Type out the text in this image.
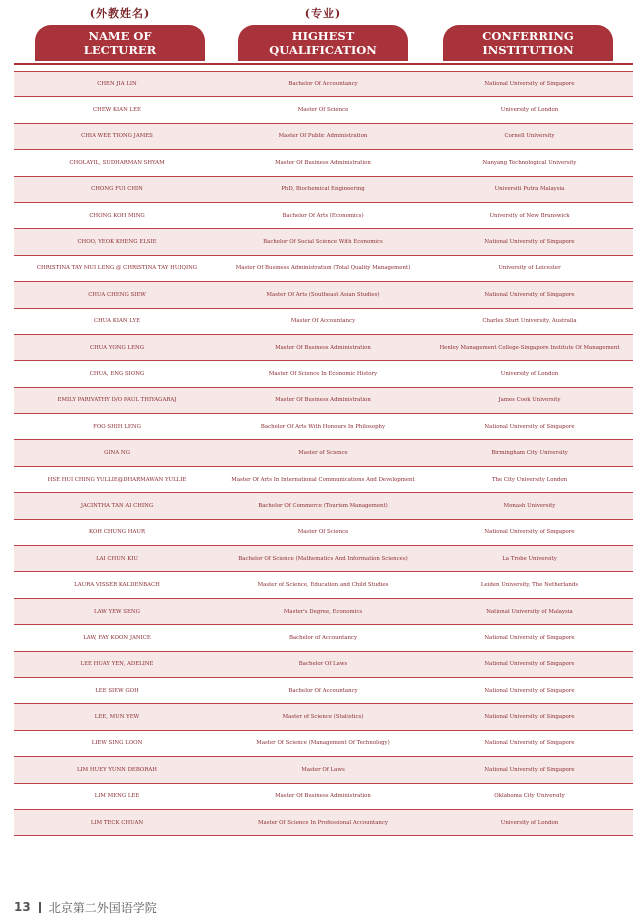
(外教姓名)
NAME OF
LECTURER
(专业)
HIGHEST
QUALIFICATION
CONFERRING
INSTITUTION
CHEN JIA LIN	Bachelor Of Accountancy	National University of Singapore
CHEW KIAN LEE	Master Of Science	University of London
CHIA WEE TIONG JAMES	Master Of Public Administration	Cornell University
CHOLAYIL, SUDHARMAN SHYAM	Master Of Business Administration	Nanyang Technological University
CHONG FUI CHIN	PhD, Biochemical Engineering	Universiti Putra Malaysia
CHONG KOH MING	Bachelor Of Arts (Economics)	University of New Brunswick
CHOO, YEOK KHENG ELSIE	Bachelor Of Social Science With Economics	National University of Singapore
CHRISTINA TAY MUI LENG @ CHRISTINA TAY HUIQING	Master Of Business Administration (Total Quality Management)	University of Leicester
CHUA CHENG SIEW	Master Of Arts (Southeast Asian Studies)	National University of Singapore
CHUA KIAN LYE	Master Of Accountancy	Charles Sturt University, Australia
CHUA YONG LENG	Master Of Business Administration	Henley Management College-Singapore Institute Of Management
CHUA, ENG SIONG	Master Of Science In Economic History	University of London
EMILY PARIVATHY D/O PAUL THIYAGARAJ	Master Of Business Administration	James Cook University
FOO SHIH LENG	Bachelor Of Arts With Honours In Philosophy	National University of Singapore
GINA NG	Master of Science	Birmingham City University
HSE HUI CHING YULLIE@DHARMAWAN YULLIE	Master Of Arts In International Communications And Development	The City University London
JACINTHA TAN AI CHING	Bachelor Of Commerce (Tourism Management)	Monash University
KOH CHUNG HAUR	Master Of Science	National University of Singapore
LAI CHUN KIU	Bachelor Of Science (Mathematics And Information Sciences)	La Trobe University
LAURA VISSER KALDENBACH	Master of Science, Education and Child Studies	Leiden University, The Netherlands
LAW YEW SENG	Master's Degree, Economics	National University of Malaysia
LAW, FAY KOON JANICE	Bachelor of Accountancy	National University of Singapore
LEE HUAY YEN, ADELINE	Bachelor Of Laws	National University of Singapore
LEE SIEW GOH	Bachelor Of Accountancy	National University of Singapore
LEE, MUN YEW	Master of Science (Statistics)	National University of Singapore
LIEW SING LOON	Master Of Science (Management Of Technology)	National University of Singapore
LIM HUEY YUNN DEBORAH	Master Of Laws	National University of Singapore
LIM MENG LEE	Master Of Business Administration	Oklahoma City University
LIM TECK CHUAN	Master Of Science In Professional Accountancy	University of London
13 北京第二外国语学院
